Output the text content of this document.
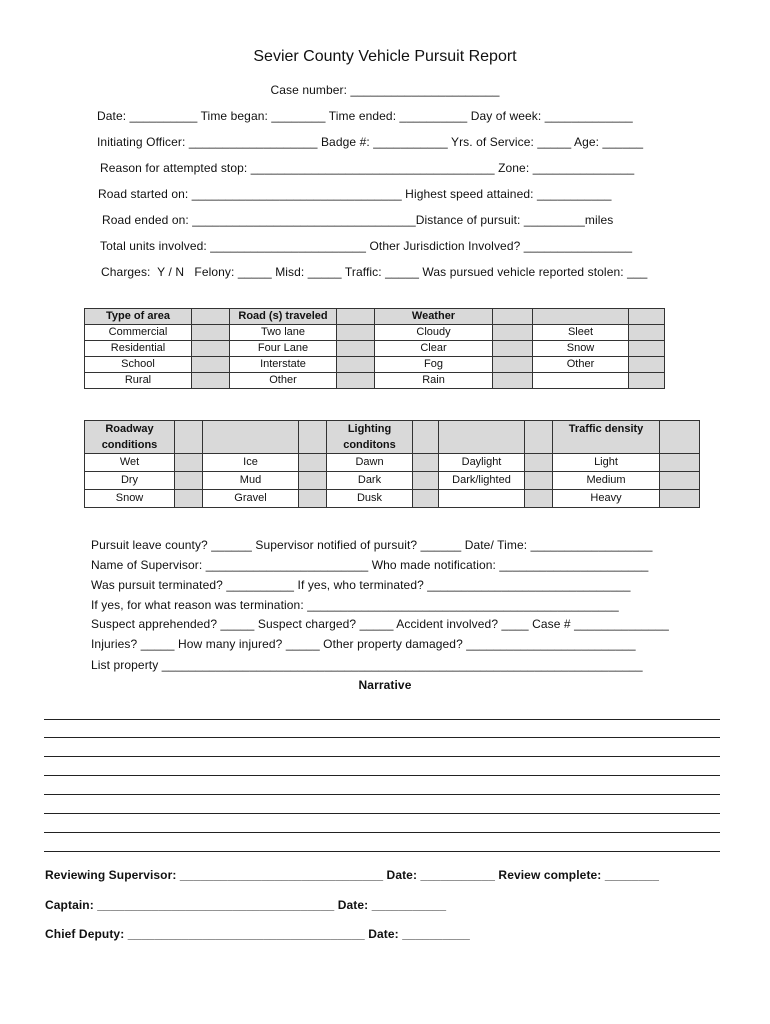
Sevier County Vehicle Pursuit Report
Case number: ______________________
Date: __________ Time began: ________ Time ended: __________ Day of week: _____________
Initiating Officer: ___________________ Badge #: ___________ Yrs. of Service: _____ Age: ______
Reason for attempted stop: ____________________________________ Zone: _______________
Road started on: _______________________________ Highest speed attained: ___________
Road ended on: _________________________________Distance of pursuit: _________miles
Total units involved: _______________________ Other Jurisdiction Involved? ________________
Charges:  Y / N   Felony: _____ Misd: _____ Traffic: _____ Was pursued vehicle reported stolen: ___
Type of area		Road (s) traveled		Weather			
Commercial		Two lane		Cloudy		Sleet	
Residential		Four Lane		Clear		Snow	
School		Interstate		Fog		Other	
Rural		Other		Rain			
Roadway conditions				Lighting conditons				Traffic density	
Wet		Ice		Dawn		Daylight		Light	
Dry		Mud		Dark		Dark/lighted		Medium	
Snow		Gravel		Dusk				Heavy	
Pursuit leave county? ______ Supervisor notified of pursuit? ______ Date/ Time: __________________
Name of Supervisor: ________________________ Who made notification: ______________________
Was pursuit terminated? __________ If yes, who terminated? ______________________________
If yes, for what reason was termination: ______________________________________________
Suspect apprehended? _____ Suspect charged? _____ Accident involved? ____ Case # ______________
Injuries? _____ How many injured? _____ Other property damaged? _________________________
List property _______________________________________________________________________
Narrative
Reviewing Supervisor: ______________________________ Date: ___________ Review complete: ________
Captain: ___________________________________ Date: ___________
Chief Deputy: ___________________________________ Date: __________
